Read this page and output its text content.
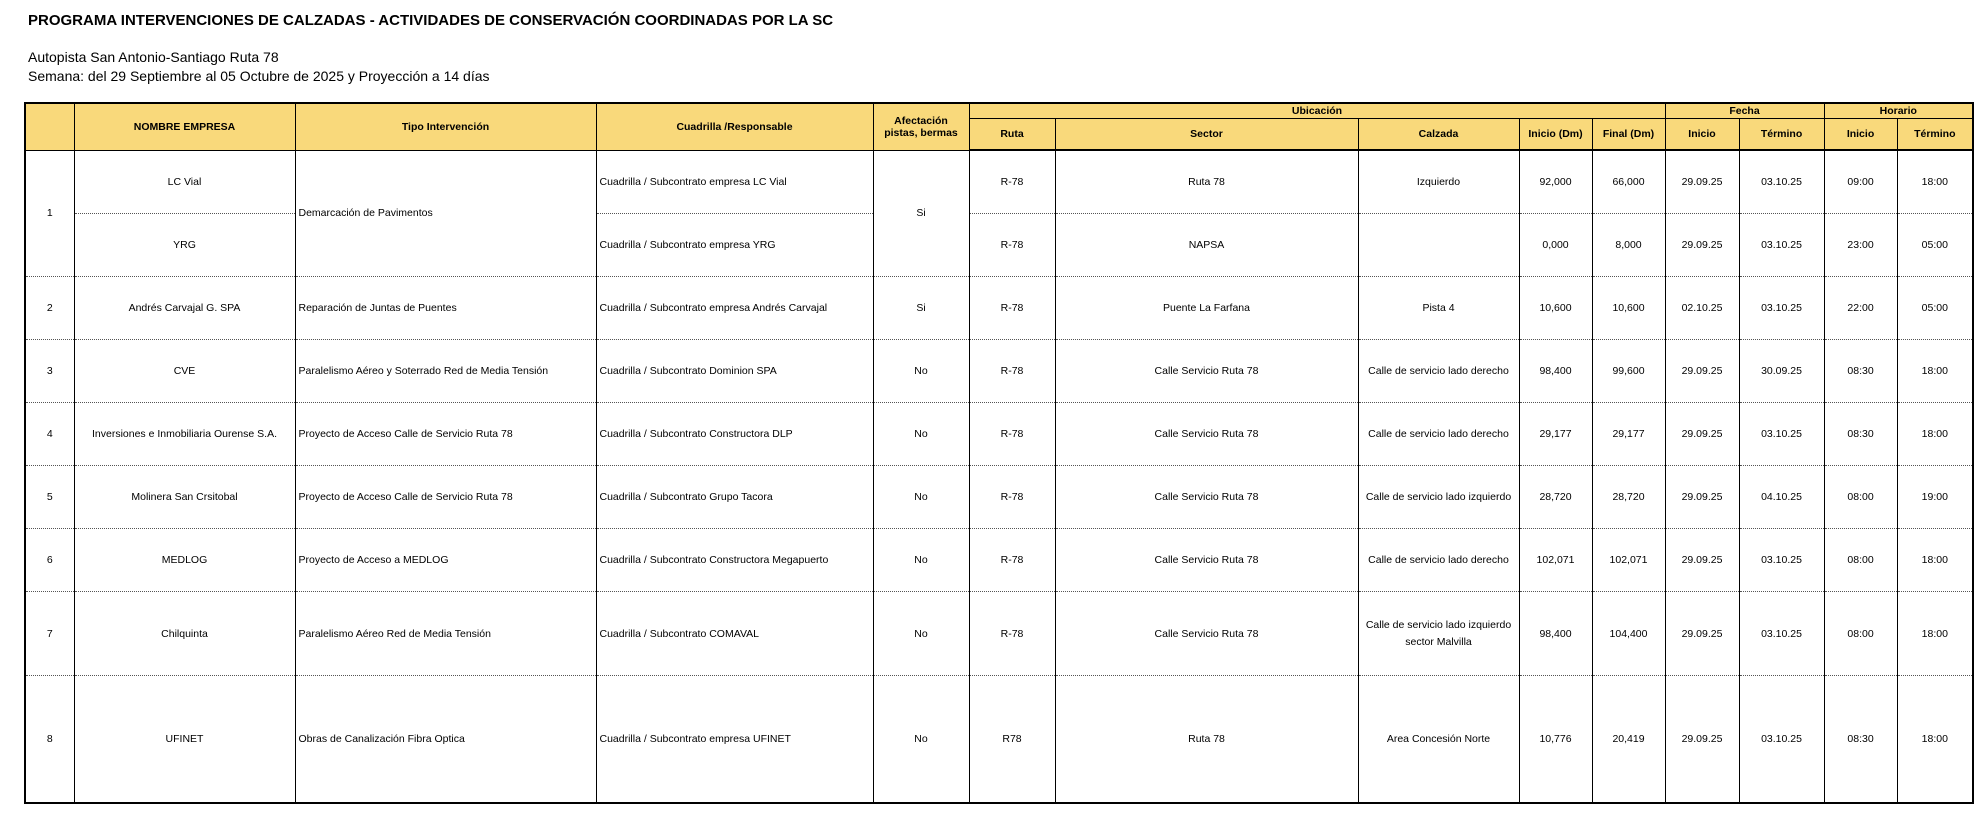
PROGRAMA INTERVENCIONES DE CALZADAS - ACTIVIDADES DE CONSERVACIÓN COORDINADAS POR LA SC
Autopista San Antonio-Santiago Ruta 78
Semana: del 29 Septiembre al 05 Octubre de 2025 y Proyección a 14 días
	NOMBRE EMPRESA	Tipo Intervención	Cuadrilla /Responsable	Afectación
pistas, bermas	Ubicación					Fecha		Horario	
					Ruta	Sector	Calzada	Inicio (Dm)	Final (Dm)	Inicio	Término	Inicio	Término
1	LC Vial	Demarcación de Pavimentos	Cuadrilla / Subcontrato empresa LC Vial	Si	R-78	Ruta 78	Izquierdo	92,000	66,000	29.09.25	03.10.25	09:00	18:00
	YRG		Cuadrilla / Subcontrato empresa YRG		R-78	NAPSA		0,000	8,000	29.09.25	03.10.25	23:00	05:00
2	Andrés Carvajal G. SPA	Reparación de Juntas de Puentes	Cuadrilla / Subcontrato empresa Andrés Carvajal	Si	R-78	Puente La Farfana	Pista 4	10,600	10,600	02.10.25	03.10.25	22:00	05:00
3	CVE	Paralelismo Aéreo y Soterrado Red de Media Tensión	Cuadrilla / Subcontrato Dominion SPA	No	R-78	Calle Servicio Ruta 78	Calle de servicio lado derecho	98,400	99,600	29.09.25	30.09.25	08:30	18:00
4	Inversiones e Inmobiliaria Ourense S.A.	Proyecto de Acceso Calle de Servicio Ruta 78	Cuadrilla / Subcontrato Constructora DLP	No	R-78	Calle Servicio Ruta 78	Calle de servicio lado derecho	29,177	29,177	29.09.25	03.10.25	08:30	18:00
5	Molinera San Crsitobal	Proyecto de Acceso Calle de Servicio Ruta 78	Cuadrilla / Subcontrato Grupo Tacora	No	R-78	Calle Servicio Ruta 78	Calle de servicio lado izquierdo	28,720	28,720	29.09.25	04.10.25	08:00	19:00
6	MEDLOG	Proyecto de Acceso a MEDLOG	Cuadrilla / Subcontrato Constructora Megapuerto	No	R-78	Calle Servicio Ruta 78	Calle de servicio lado derecho	102,071	102,071	29.09.25	03.10.25	08:00	18:00
7	Chilquinta	Paralelismo Aéreo Red de Media Tensión	Cuadrilla / Subcontrato COMAVAL	No	R-78	Calle Servicio Ruta 78	Calle de servicio lado izquierdo sector Malvilla	98,400	104,400	29.09.25	03.10.25	08:00	18:00
8	UFINET	Obras de Canalización Fibra Optica	Cuadrilla / Subcontrato empresa UFINET	No	R78	Ruta 78	Area Concesión Norte	10,776	20,419	29.09.25	03.10.25	08:30	18:00
